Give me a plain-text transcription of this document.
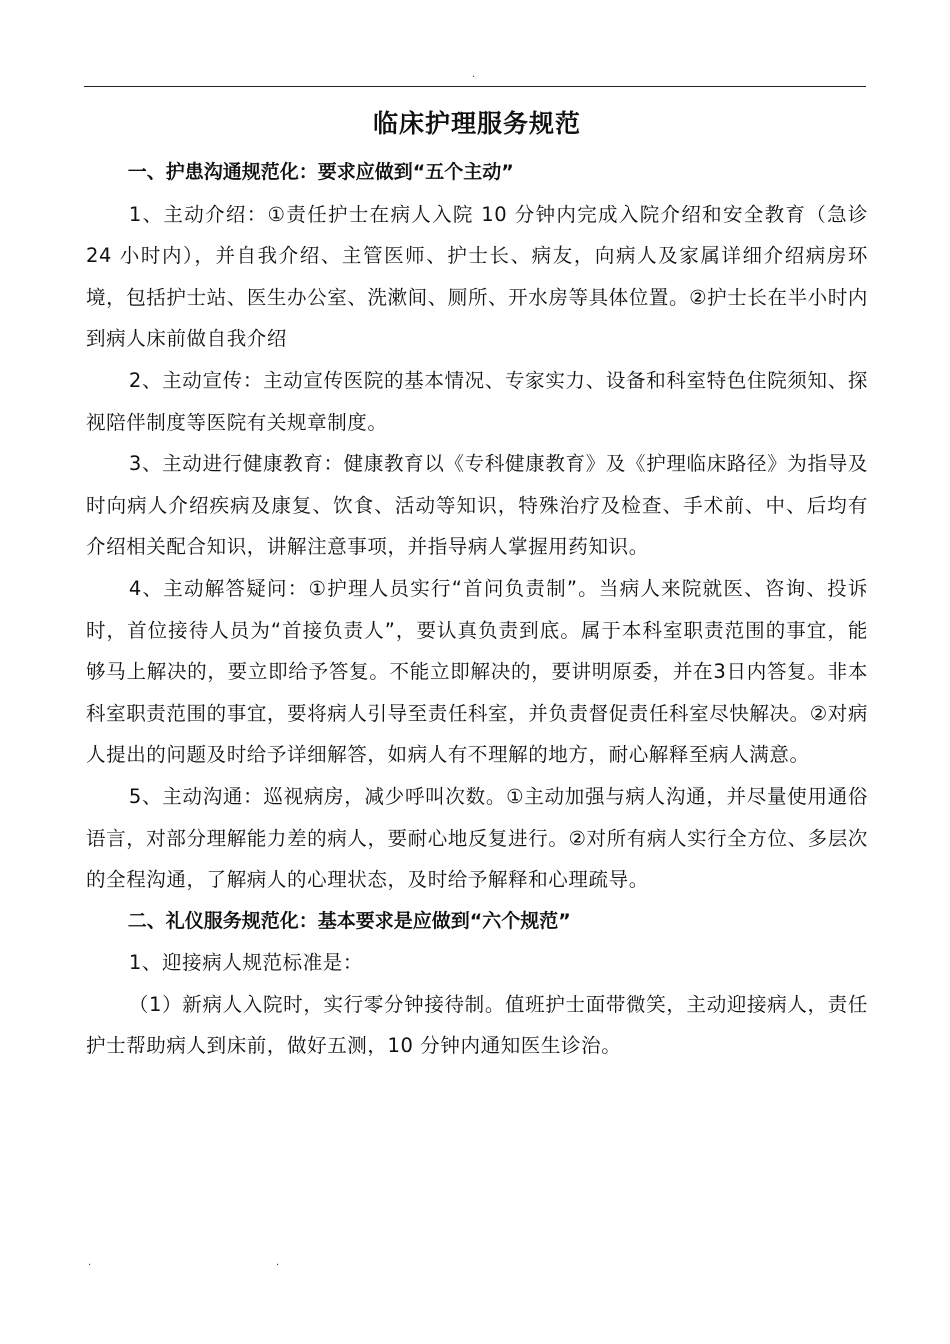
.
临床护理服务规范

一、护患沟通规范化：要求应做到“五个主动”

1、主动介绍：①责任护士在病人入院 10 分钟内完成入院介绍和安全教育（急诊 24 小时内），并自我介绍、主管医师、护士长、病友，向病人及家属详细介绍病房环境，包括护士站、医生办公室、洗漱间、厕所、开水房等具体位置。②护士长在半小时内到病人床前做自我介绍

2、主动宣传：主动宣传医院的基本情况、专家实力、设备和科室特色住院须知、探视陪伴制度等医院有关规章制度。

3、主动进行健康教育：健康教育以《专科健康教育》及《护理临床路径》为指导及时向病人介绍疾病及康复、饮食、活动等知识，特殊治疗及检查、手术前、中、后均有介绍相关配合知识，讲解注意事项，并指导病人掌握用药知识。

4、主动解答疑问：①护理人员实行“首问负责制”。当病人来院就医、咨询、投诉时，首位接待人员为“首接负责人”，要认真负责到底。属于本科室职责范围的事宜，能够马上解决的，要立即给予答复。不能立即解决的，要讲明原委，并在3日内答复。非本科室职责范围的事宜，要将病人引导至责任科室，并负责督促责任科室尽快解决。②对病人提出的问题及时给予详细解答，如病人有不理解的地方，耐心解释至病人满意。

5、主动沟通：巡视病房，减少呼叫次数。①主动加强与病人沟通，并尽量使用通俗语言，对部分理解能力差的病人，要耐心地反复进行。②对所有病人实行全方位、多层次的全程沟通，了解病人的心理状态，及时给予解释和心理疏导。

二、礼仪服务规范化：基本要求是应做到“六个规范”

1、迎接病人规范标准是：

（1）新病人入院时，实行零分钟接待制。值班护士面带微笑，主动迎接病人，责任护士帮助病人到床前，做好五测，10 分钟内通知医生诊治。

.	.
